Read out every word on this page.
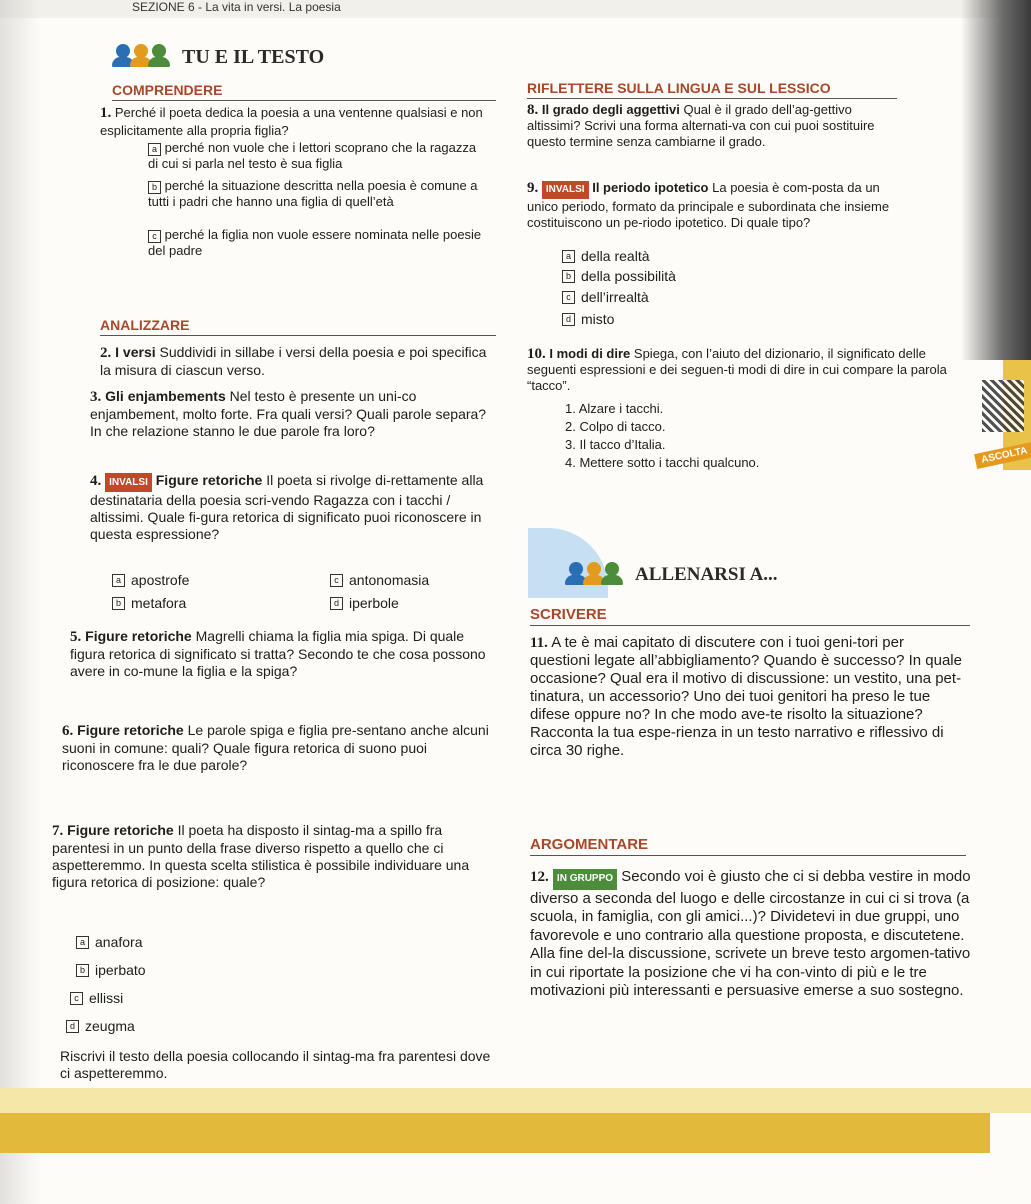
SEZIONE 6 - La vita in versi. La poesia
ASCOLTA
TU E IL TESTO
COMPRENDERE
1. Perché il poeta dedica la poesia a una ventenne qualsiasi e non esplicitamente alla propria figlia?
a perché non vuole che i lettori scoprano che la ragazza di cui si parla nel testo è sua figlia
b perché la situazione descritta nella poesia è comune a tutti i padri che hanno una figlia di quell’età
c perché la figlia non vuole essere nominata nelle poesie del padre
ANALIZZARE
2. I versi Suddividi in sillabe i versi della poesia e poi specifica la misura di ciascun verso.
3. Gli enjambements Nel testo è presente un uni-co enjambement, molto forte. Fra quali versi? Quali parole separa? In che relazione stanno le due parole fra loro?
4. INVALSI Figure retoriche Il poeta si rivolge di-rettamente alla destinataria della poesia scri-vendo Ragazza con i tacchi / altissimi. Quale fi-gura retorica di significato puoi riconoscere in questa espressione?
a apostrofe	c antonomasia
b metafora	d iperbole
5. Figure retoriche Magrelli chiama la figlia mia spiga. Di quale figura retorica di significato si tratta? Secondo te che cosa possono avere in co-mune la figlia e la spiga?
6. Figure retoriche Le parole spiga e figlia pre-sentano anche alcuni suoni in comune: quali? Quale figura retorica di suono puoi riconoscere fra le due parole?
7. Figure retoriche Il poeta ha disposto il sintag-ma a spillo fra parentesi in un punto della frase diverso rispetto a quello che ci aspetteremmo. In questa scelta stilistica è possibile individuare una figura retorica di posizione: quale?
a anafora
b iperbato
c ellissi
d zeugma
Riscrivi il testo della poesia collocando il sintag-ma fra parentesi dove ci aspetteremmo.
RIFLETTERE SULLA LINGUA E SUL LESSICO
8. Il grado degli aggettivi Qual è il grado dell’ag-gettivo altissimi? Scrivi una forma alternati-va con cui puoi sostituire questo termine senza cambiarne il grado.
9. INVALSI Il periodo ipotetico La poesia è com-posta da un unico periodo, formato da principale e subordinata che insieme costituiscono un pe-riodo ipotetico. Di quale tipo?
a della realtà
b della possibilità
c dell’irrealtà
d misto
10. I modi di dire Spiega, con l’aiuto del dizionario, il significato delle seguenti espressioni e dei seguen-ti modi di dire in cui compare la parola “tacco”.
1. Alzare i tacchi.
2. Colpo di tacco.
3. Il tacco d’Italia.
4. Mettere sotto i tacchi qualcuno.
ALLENARSI A...
SCRIVERE
11. A te è mai capitato di discutere con i tuoi geni-tori per questioni legate all’abbigliamento? Quando è successo? In quale occasione? Qual era il motivo di discussione: un vestito, una pet-tinatura, un accessorio? Uno dei tuoi genitori ha preso le tue difese oppure no? In che modo ave-te risolto la situazione? Racconta la tua espe-rienza in un testo narrativo e riflessivo di circa 30 righe.
ARGOMENTARE
12. IN GRUPPO Secondo voi è giusto che ci si debba vestire in modo diverso a seconda del luogo e delle circostanze in cui ci si trova (a scuola, in famiglia, con gli amici...)? Dividetevi in due gruppi, uno favorevole e uno contrario alla questione proposta, e discutetene. Alla fine del-la discussione, scrivete un breve testo argomen-tativo in cui riportate la posizione che vi ha con-vinto di più e le tre motivazioni più interessanti e persuasive emerse a suo sostegno.
